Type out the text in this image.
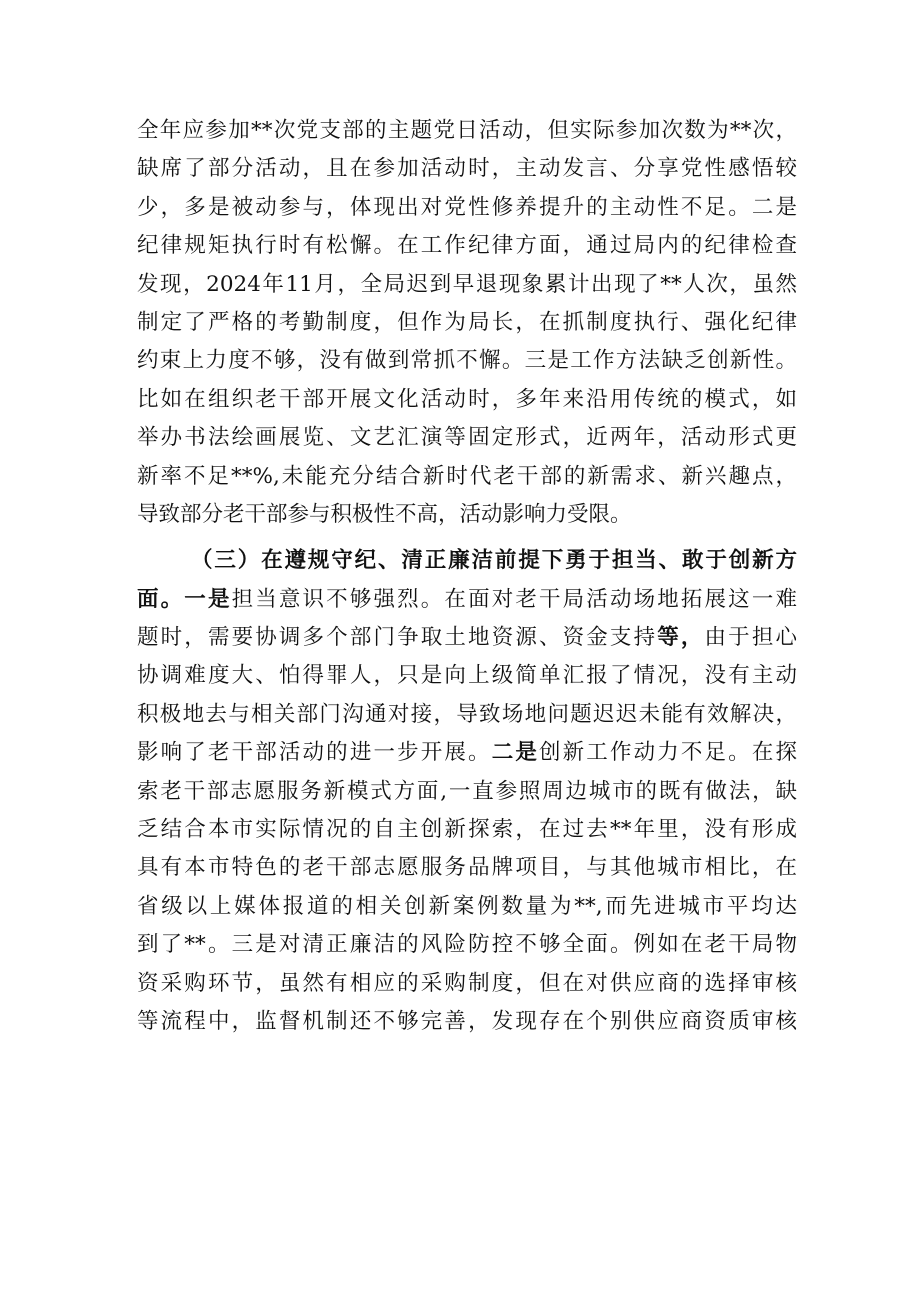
全年应参加**次党支部的主题党日活动，但实际参加次数为**次，
缺席了部分活动，且在参加活动时，主动发言、分享党性感悟较
少，多是被动参与，体现出对党性修养提升的主动性不足。二是
纪律规矩执行时有松懈。在工作纪律方面，通过局内的纪律检查
发现，2024年11月，全局迟到早退现象累计出现了**人次，虽然
制定了严格的考勤制度，但作为局长，在抓制度执行、强化纪律
约束上力度不够，没有做到常抓不懈。三是工作方法缺乏创新性。
比如在组织老干部开展文化活动时，多年来沿用传统的模式，如
举办书法绘画展览、文艺汇演等固定形式，近两年，活动形式更
新率不足**%,未能充分结合新时代老干部的新需求、新兴趣点，
导致部分老干部参与积极性不高，活动影响力受限。
（三）在遵规守纪、清正廉洁前提下勇于担当、敢于创新方
面。一是担当意识不够强烈。在面对老干局活动场地拓展这一难
题时，需要协调多个部门争取土地资源、资金支持等，由于担心
协调难度大、怕得罪人，只是向上级简单汇报了情况，没有主动
积极地去与相关部门沟通对接，导致场地问题迟迟未能有效解决，
影响了老干部活动的进一步开展。二是创新工作动力不足。在探
索老干部志愿服务新模式方面,一直参照周边城市的既有做法，缺
乏结合本市实际情况的自主创新探索，在过去**年里，没有形成
具有本市特色的老干部志愿服务品牌项目，与其他城市相比，在
省级以上媒体报道的相关创新案例数量为**,而先进城市平均达
到了**。三是对清正廉洁的风险防控不够全面。例如在老干局物
资采购环节，虽然有相应的采购制度，但在对供应商的选择审核
等流程中，监督机制还不够完善，发现存在个别供应商资质审核
